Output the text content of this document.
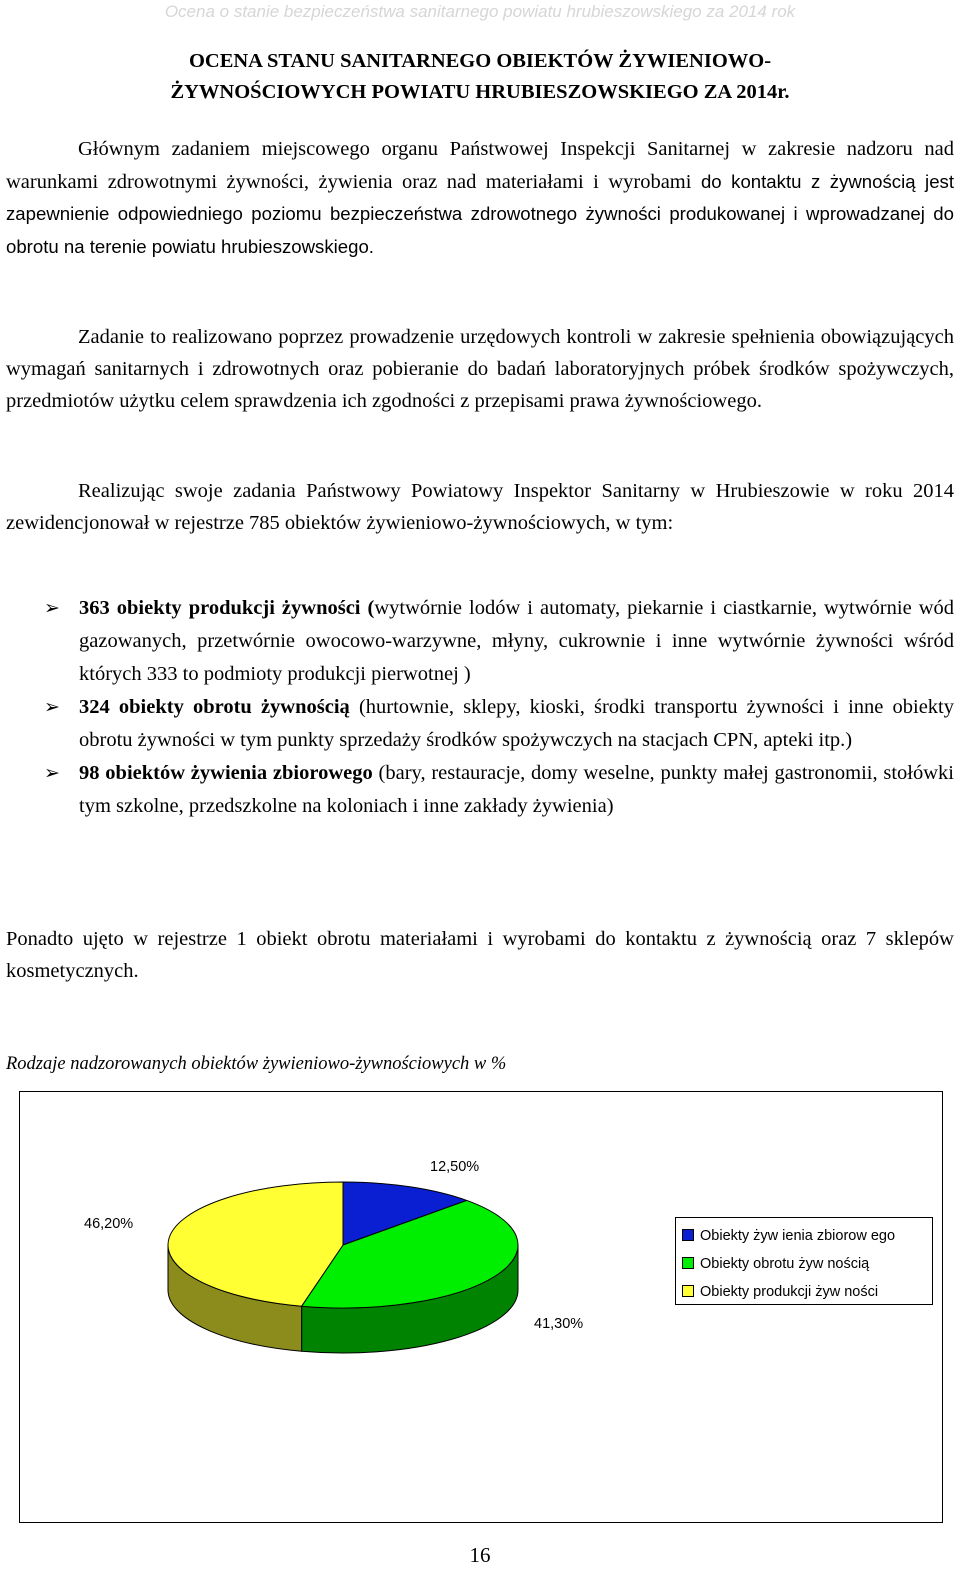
Ocena o stanie bezpieczeństwa sanitarnego powiatu hrubieszowskiego za 2014 rok
OCENA STANU SANITARNEGO OBIEKTÓW ŻYWIENIOWO-
ŻYWNOŚCIOWYCH POWIATU HRUBIESZOWSKIEGO ZA 2014r.
Głównym zadaniem miejscowego organu Państwowej Inspekcji Sanitarnej w zakresie nadzoru nad warunkami zdrowotnymi żywności, żywienia oraz nad materiałami i wyrobami do kontaktu z żywnością jest zapewnienie odpowiedniego poziomu bezpieczeństwa zdrowotnego żywności produkowanej i wprowadzanej do obrotu na terenie powiatu hrubieszowskiego.
Zadanie to realizowano poprzez prowadzenie urzędowych kontroli w zakresie spełnienia obowiązujących wymagań sanitarnych i zdrowotnych oraz pobieranie do badań laboratoryjnych próbek środków spożywczych, przedmiotów użytku celem sprawdzenia ich zgodności z przepisami prawa żywnościowego.
Realizując swoje zadania Państwowy Powiatowy Inspektor Sanitarny w Hrubieszowie w roku 2014 zewidencjonował w rejestrze 785 obiektów żywieniowo-żywnościowych, w tym:
➢ 363 obiekty produkcji żywności (wytwórnie lodów i automaty, piekarnie i ciastkarnie, wytwórnie wód gazowanych, przetwórnie owocowo-warzywne, młyny, cukrownie i inne wytwórnie żywności wśród których 333 to podmioty produkcji pierwotnej )
➢ 324 obiekty obrotu żywnością (hurtownie, sklepy, kioski, środki transportu żywności i inne obiekty obrotu żywności w tym punkty sprzedaży środków spożywczych na stacjach CPN, apteki itp.)
➢ 98 obiektów żywienia zbiorowego (bary, restauracje, domy weselne, punkty małej gastronomii, stołówki tym szkolne, przedszkolne na koloniach i inne zakłady żywienia)
Ponadto ujęto w rejestrze 1 obiekt obrotu materiałami i wyrobami do kontaktu z żywnością oraz 7 sklepów kosmetycznych.
Rodzaje nadzorowanych obiektów żywieniowo-żywnościowych w %
12,50%
41,30%
46,20%
Obiekty żyw ienia zbiorow ego
Obiekty obrotu żyw nością
Obiekty produkcji żyw ności
16
